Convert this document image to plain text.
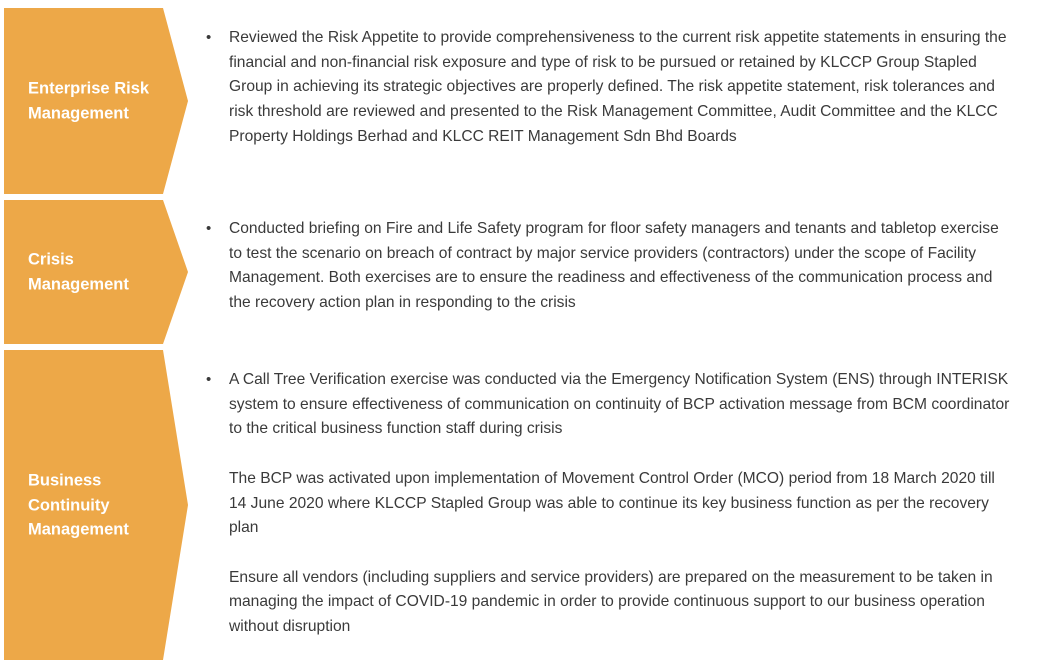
Enterprise Risk
Management
• Reviewed the Risk Appetite to provide comprehensiveness to the current risk appetite statements in ensuring the financial and non-financial risk exposure and type of risk to be pursued or retained by KLCCP Group Stapled Group in achieving its strategic objectives are properly defined. The risk appetite statement, risk tolerances and risk threshold are reviewed and presented to the Risk Management Committee, Audit Committee and the KLCC Property Holdings Berhad and KLCC REIT Management Sdn Bhd Boards
Crisis
Management
• Conducted briefing on Fire and Life Safety program for floor safety managers and tenants and tabletop exercise to test the scenario on breach of contract by major service providers (contractors) under the scope of Facility Management. Both exercises are to ensure the readiness and effectiveness of the communication process and the recovery action plan in responding to the crisis
Business
Continuity
Management
• A Call Tree Verification exercise was conducted via the Emergency Notification System (ENS) through INTERISK system to ensure effectiveness of communication on continuity of BCP activation message from BCM coordinator to the critical business function staff during crisis
The BCP was activated upon implementation of Movement Control Order (MCO) period from 18 March 2020 till 14 June 2020 where KLCCP Stapled Group was able to continue its key business function as per the recovery plan
Ensure all vendors (including suppliers and service providers) are prepared on the measurement to be taken in managing the impact of COVID-19 pandemic in order to provide continuous support to our business operation without disruption
